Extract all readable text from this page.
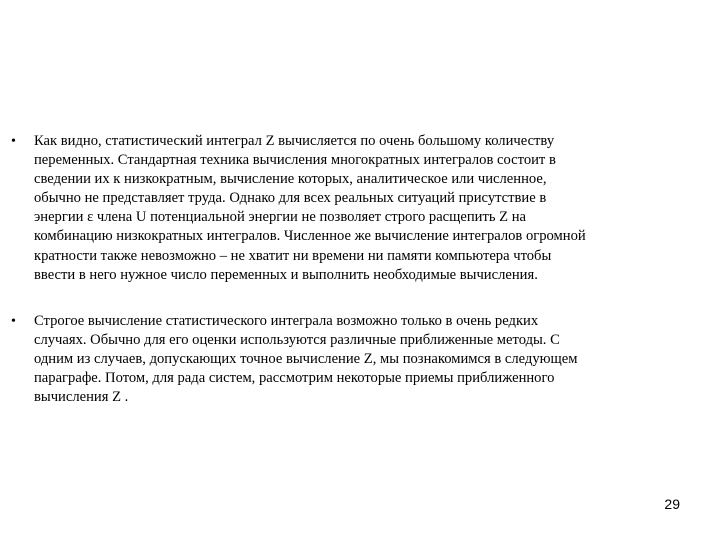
• Как видно, статистический интеграл Z вычисляется по очень большому количеству
переменных. Стандартная техника вычисления многократных интегралов состоит в
сведении их к низкократным, вычисление которых, аналитическое или численное,
обычно не представляет труда. Однако для всех реальных ситуаций присутствие в
энергии ε члена U потенциальной энергии не позволяет строго расщепить Z на
комбинацию низкократных интегралов. Численное же вычисление интегралов огромной
кратности также невозможно – не хватит ни времени ни памяти компьютера чтобы
ввести в него нужное число переменных и выполнить необходимые вычисления.

• Строгое вычисление статистического интеграла возможно только в очень редких
случаях. Обычно для его оценки используются различные приближенные методы. С
одним из случаев, допускающих точное вычисление Z, мы познакомимся в следующем
параграфе. Потом, для рада систем, рассмотрим некоторые приемы приближенного
вычисления Z .

29
